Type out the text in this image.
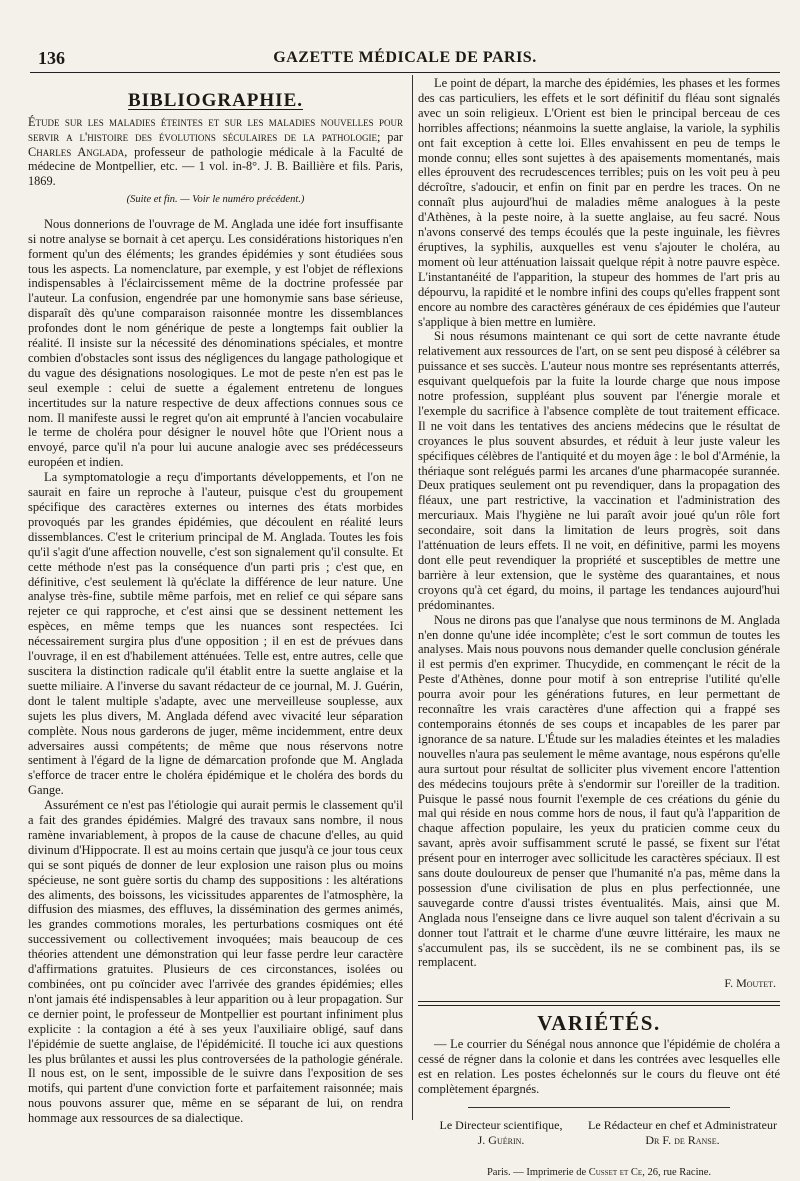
136	GAZETTE MÉDICALE DE PARIS.
BIBLIOGRAPHIE.

Étude sur les maladies éteintes et sur les maladies nouvelles pour servir a l'histoire des évolutions séculaires de la pathologie; par Charles Anglada, professeur de pathologie médicale à la Faculté de médecine de Montpellier, etc. — 1 vol. in-8°. J. B. Baillière et fils. Paris, 1869.

(Suite et fin. — Voir le numéro précédent.)

Nous donnerions de l'ouvrage de M. Anglada une idée fort insuffisante si notre analyse se bornait à cet aperçu. Les considérations historiques n'en forment qu'un des éléments; les grandes épidémies y sont étudiées sous tous les aspects. La nomenclature, par exemple, y est l'objet de réflexions indispensables à l'éclaircissement même de la doctrine professée par l'auteur. La confusion, engendrée par une homonymie sans base sérieuse, disparaît dès qu'une comparaison raisonnée montre les dissemblances profondes dont le nom générique de peste a longtemps fait oublier la réalité. Il insiste sur la nécessité des dénominations spéciales, et montre combien d'obstacles sont issus des négligences du langage pathologique et du vague des désignations nosologiques. Le mot de peste n'en est pas le seul exemple : celui de suette a également entretenu de longues incertitudes sur la nature respective de deux affections connues sous ce nom. Il manifeste aussi le regret qu'on ait emprunté à l'ancien vocabulaire le terme de choléra pour désigner le nouvel hôte que l'Orient nous a envoyé, parce qu'il n'a pour lui aucune analogie avec ses prédécesseurs européen et indien.

La symptomatologie a reçu d'importants développements, et l'on ne saurait en faire un reproche à l'auteur, puisque c'est du groupement spécifique des caractères externes ou internes des états morbides provoqués par les grandes épidémies, que découlent en réalité leurs dissemblances. C'est le criterium principal de M. Anglada. Toutes les fois qu'il s'agit d'une affection nouvelle, c'est son signalement qu'il consulte. Et cette méthode n'est pas la conséquence d'un parti pris ; c'est que, en définitive, c'est seulement là qu'éclate la différence de leur nature. Une analyse très-fine, subtile même parfois, met en relief ce qui sépare sans rejeter ce qui rapproche, et c'est ainsi que se dessinent nettement les espèces, en même temps que les nuances sont respectées. Ici nécessairement surgira plus d'une opposition ; il en est de prévues dans l'ouvrage, il en est d'habilement atténuées. Telle est, entre autres, celle que suscitera la distinction radicale qu'il établit entre la suette anglaise et la suette miliaire. A l'inverse du savant rédacteur de ce journal, M. J. Guérin, dont le talent multiple s'adapte, avec une merveilleuse souplesse, aux sujets les plus divers, M. Anglada défend avec vivacité leur séparation complète. Nous nous garderons de juger, même incidemment, entre deux adversaires aussi compétents; de même que nous réservons notre sentiment à l'égard de la ligne de démarcation profonde que M. Anglada s'efforce de tracer entre le choléra épidémique et le choléra des bords du Gange.

Assurément ce n'est pas l'étiologie qui aurait permis le classement qu'il a fait des grandes épidémies. Malgré des travaux sans nombre, il nous ramène invariablement, à propos de la cause de chacune d'elles, au quid divinum d'Hippocrate. Il est au moins certain que jusqu'à ce jour tous ceux qui se sont piqués de donner de leur explosion une raison plus ou moins spécieuse, ne sont guère sortis du champ des suppositions : les altérations des aliments, des boissons, les vicissitudes apparentes de l'atmosphère, la diffusion des miasmes, des effluves, la dissémination des germes animés, les grandes commotions morales, les perturbations cosmiques ont été successivement ou collectivement invoquées; mais beaucoup de ces théories attendent une démonstration qui leur fasse perdre leur caractère d'affirmations gratuites. Plusieurs de ces circonstances, isolées ou combinées, ont pu coïncider avec l'arrivée des grandes épidémies; elles n'ont jamais été indispensables à leur apparition ou à leur propagation. Sur ce dernier point, le professeur de Montpellier est pourtant infiniment plus explicite : la contagion a été à ses yeux l'auxiliaire obligé, sauf dans l'épidémie de suette anglaise, de l'épidémicité. Il touche ici aux questions les plus brûlantes et aussi les plus controversées de la pathologie générale. Il nous est, on le sent, impossible de le suivre dans l'exposition de ses motifs, qui partent d'une conviction forte et parfaitement raisonnée; mais nous pouvons assurer que, même en se séparant de lui, on rendra hommage aux ressources de sa dialectique.

Le point de départ, la marche des épidémies, les phases et les formes des cas particuliers, les effets et le sort définitif du fléau sont signalés avec un soin religieux. L'Orient est bien le principal berceau de ces horribles affections; néanmoins la suette anglaise, la variole, la syphilis ont fait exception à cette loi. Elles envahissent en peu de temps le monde connu; elles sont sujettes à des apaisements momentanés, mais elles éprouvent des recrudescences terribles; puis on les voit peu à peu décroître, s'adoucir, et enfin on finit par en perdre les traces. On ne connaît plus aujourd'hui de maladies même analogues à la peste d'Athènes, à la peste noire, à la suette anglaise, au feu sacré. Nous n'avons conservé des temps écoulés que la peste inguinale, les fièvres éruptives, la syphilis, auxquelles est venu s'ajouter le choléra, au moment où leur atténuation laissait quelque répit à notre pauvre espèce. L'instantanéité de l'apparition, la stupeur des hommes de l'art pris au dépourvu, la rapidité et le nombre infini des coups qu'elles frappent sont encore au nombre des caractères généraux de ces épidémies que l'auteur s'applique à bien mettre en lumière.

Si nous résumons maintenant ce qui sort de cette navrante étude relativement aux ressources de l'art, on se sent peu disposé à célébrer sa puissance et ses succès. L'auteur nous montre ses représentants atterrés, esquivant quelquefois par la fuite la lourde charge que nous impose notre profession, suppléant plus souvent par l'énergie morale et l'exemple du sacrifice à l'absence complète de tout traitement efficace. Il ne voit dans les tentatives des anciens médecins que le résultat de croyances le plus souvent absurdes, et réduit à leur juste valeur les spécifiques célèbres de l'antiquité et du moyen âge : le bol d'Arménie, la thériaque sont relégués parmi les arcanes d'une pharmacopée surannée. Deux pratiques seulement ont pu revendiquer, dans la propagation des fléaux, une part restrictive, la vaccination et l'administration des mercuriaux. Mais l'hygiène ne lui paraît avoir joué qu'un rôle fort secondaire, soit dans la limitation de leurs progrès, soit dans l'atténuation de leurs effets. Il ne voit, en définitive, parmi les moyens dont elle peut revendiquer la propriété et susceptibles de mettre une barrière à leur extension, que le système des quarantaines, et nous croyons qu'à cet égard, du moins, il partage les tendances aujourd'hui prédominantes.

Nous ne dirons pas que l'analyse que nous terminons de M. Anglada n'en donne qu'une idée incomplète; c'est le sort commun de toutes les analyses. Mais nous pouvons nous demander quelle conclusion générale il est permis d'en exprimer. Thucydide, en commençant le récit de la Peste d'Athènes, donne pour motif à son entreprise l'utilité qu'elle pourra avoir pour les générations futures, en leur permettant de reconnaître les vrais caractères d'une affection qui a frappé ses contemporains étonnés de ses coups et incapables de les parer par ignorance de sa nature. L'Étude sur les maladies éteintes et les maladies nouvelles n'aura pas seulement le même avantage, nous espérons qu'elle aura surtout pour résultat de solliciter plus vivement encore l'attention des médecins toujours prête à s'endormir sur l'oreiller de la tradition. Puisque le passé nous fournit l'exemple de ces créations du génie du mal qui réside en nous comme hors de nous, il faut qu'à l'apparition de chaque affection populaire, les yeux du praticien comme ceux du savant, après avoir suffisamment scruté le passé, se fixent sur l'état présent pour en interroger avec sollicitude les caractères spéciaux. Il est sans doute douloureux de penser que l'humanité n'a pas, même dans la possession d'une civilisation de plus en plus perfectionnée, une sauvegarde contre d'aussi tristes éventualités. Mais, ainsi que M. Anglada nous l'enseigne dans ce livre auquel son talent d'écrivain a su donner tout l'attrait et le charme d'une œuvre littéraire, les maux ne s'accumulent pas, ils se succèdent, ils ne se combinent pas, ils se remplacent.

F. Moutet.

VARIÉTÉS.

— Le courrier du Sénégal nous annonce que l'épidémie de choléra a cessé de régner dans la colonie et dans les contrées avec lesquelles elle est en relation. Les postes échelonnés sur le cours du fleuve ont été complètement épargnés.

Le Directeur scientifique,
J. Guérin.
Le Rédacteur en chef et Administrateur
Dr F. de Ranse.
Paris. — Imprimerie de Cusset et Ce, 26, rue Racine.
